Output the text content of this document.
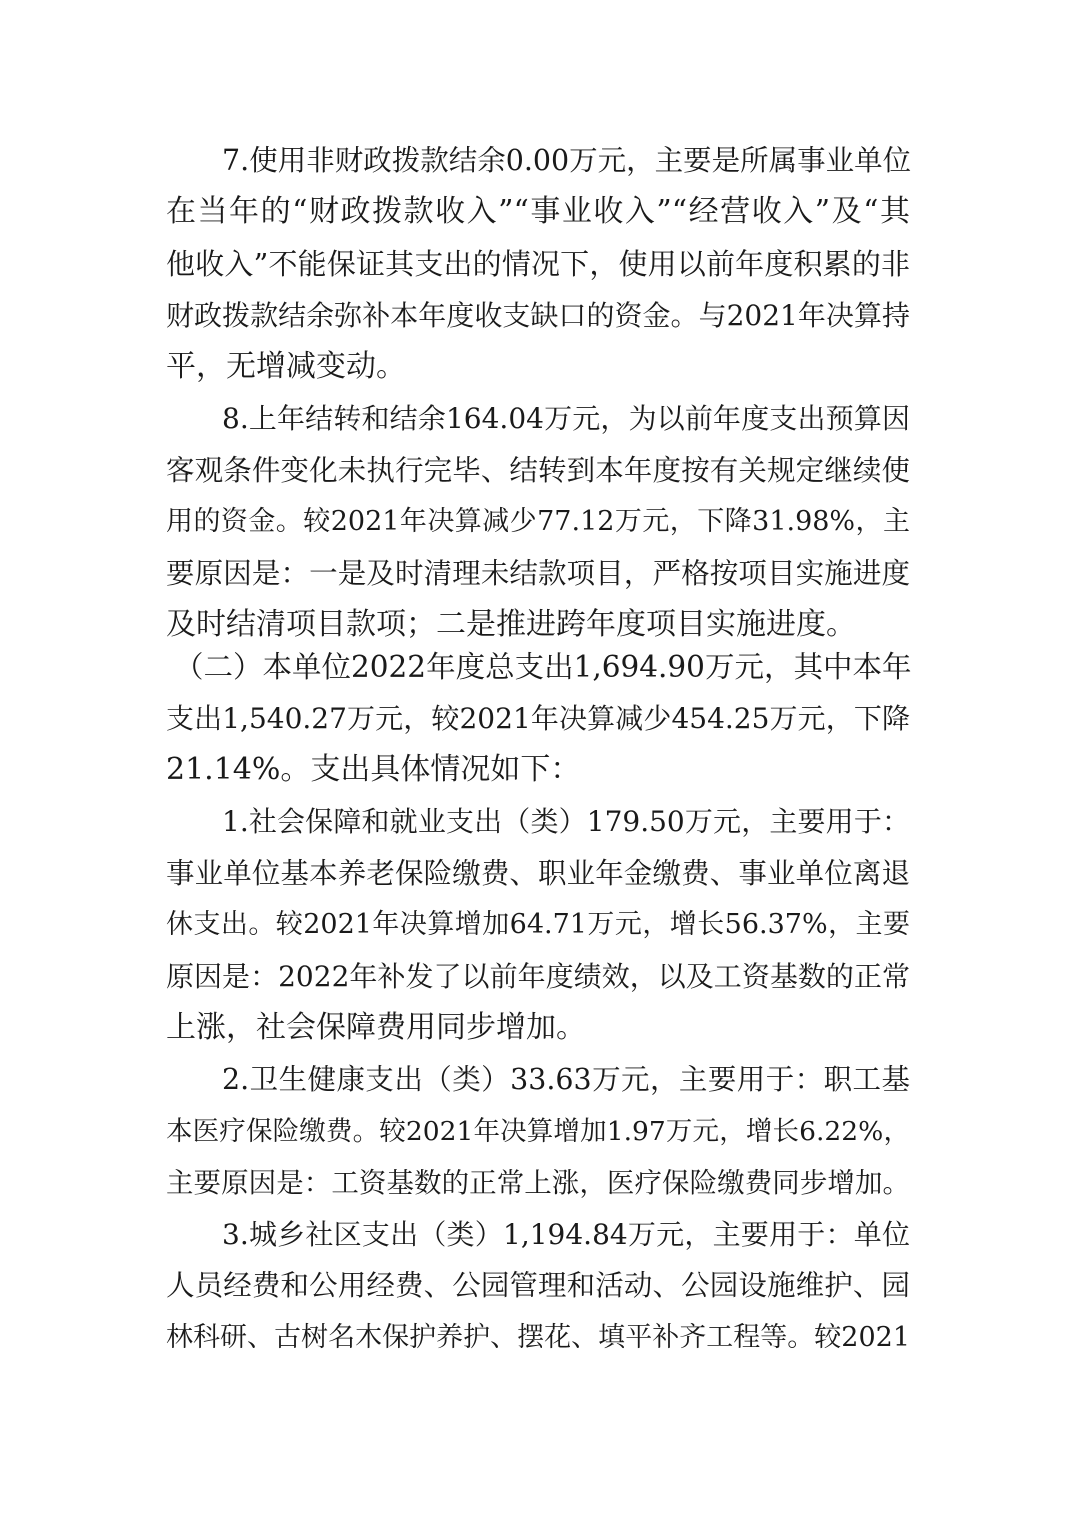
7.使用非财政拨款结余0.00万元，主要是所属事业单位
在当年的“财政拨款收入”“事业收入”“经营收入”及“其
他收入”不能保证其支出的情况下，使用以前年度积累的非
财政拨款结余弥补本年度收支缺口的资金。与2021年决算持
平，无增减变动。
8.上年结转和结余164.04万元，为以前年度支出预算因
客观条件变化未执行完毕、结转到本年度按有关规定继续使
用的资金。较2021年决算减少77.12万元，下降31.98%，主
要原因是：一是及时清理未结款项目，严格按项目实施进度
及时结清项目款项；二是推进跨年度项目实施进度。
（二）本单位2022年度总支出1,694.90万元，其中本年
支出1,540.27万元，较2021年决算减少454.25万元，下降
21.14%。支出具体情况如下：
1.社会保障和就业支出（类）179.50万元，主要用于：
事业单位基本养老保险缴费、职业年金缴费、事业单位离退
休支出。较2021年决算增加64.71万元，增长56.37%，主要
原因是：2022年补发了以前年度绩效，以及工资基数的正常
上涨，社会保障费用同步增加。
2.卫生健康支出（类）33.63万元，主要用于：职工基
本医疗保险缴费。较2021年决算增加1.97万元，增长6.22%，
主要原因是：工资基数的正常上涨，医疗保险缴费同步增加。
3.城乡社区支出（类）1,194.84万元，主要用于：单位
人员经费和公用经费、公园管理和活动、公园设施维护、园
林科研、古树名木保护养护、摆花、填平补齐工程等。较2021
